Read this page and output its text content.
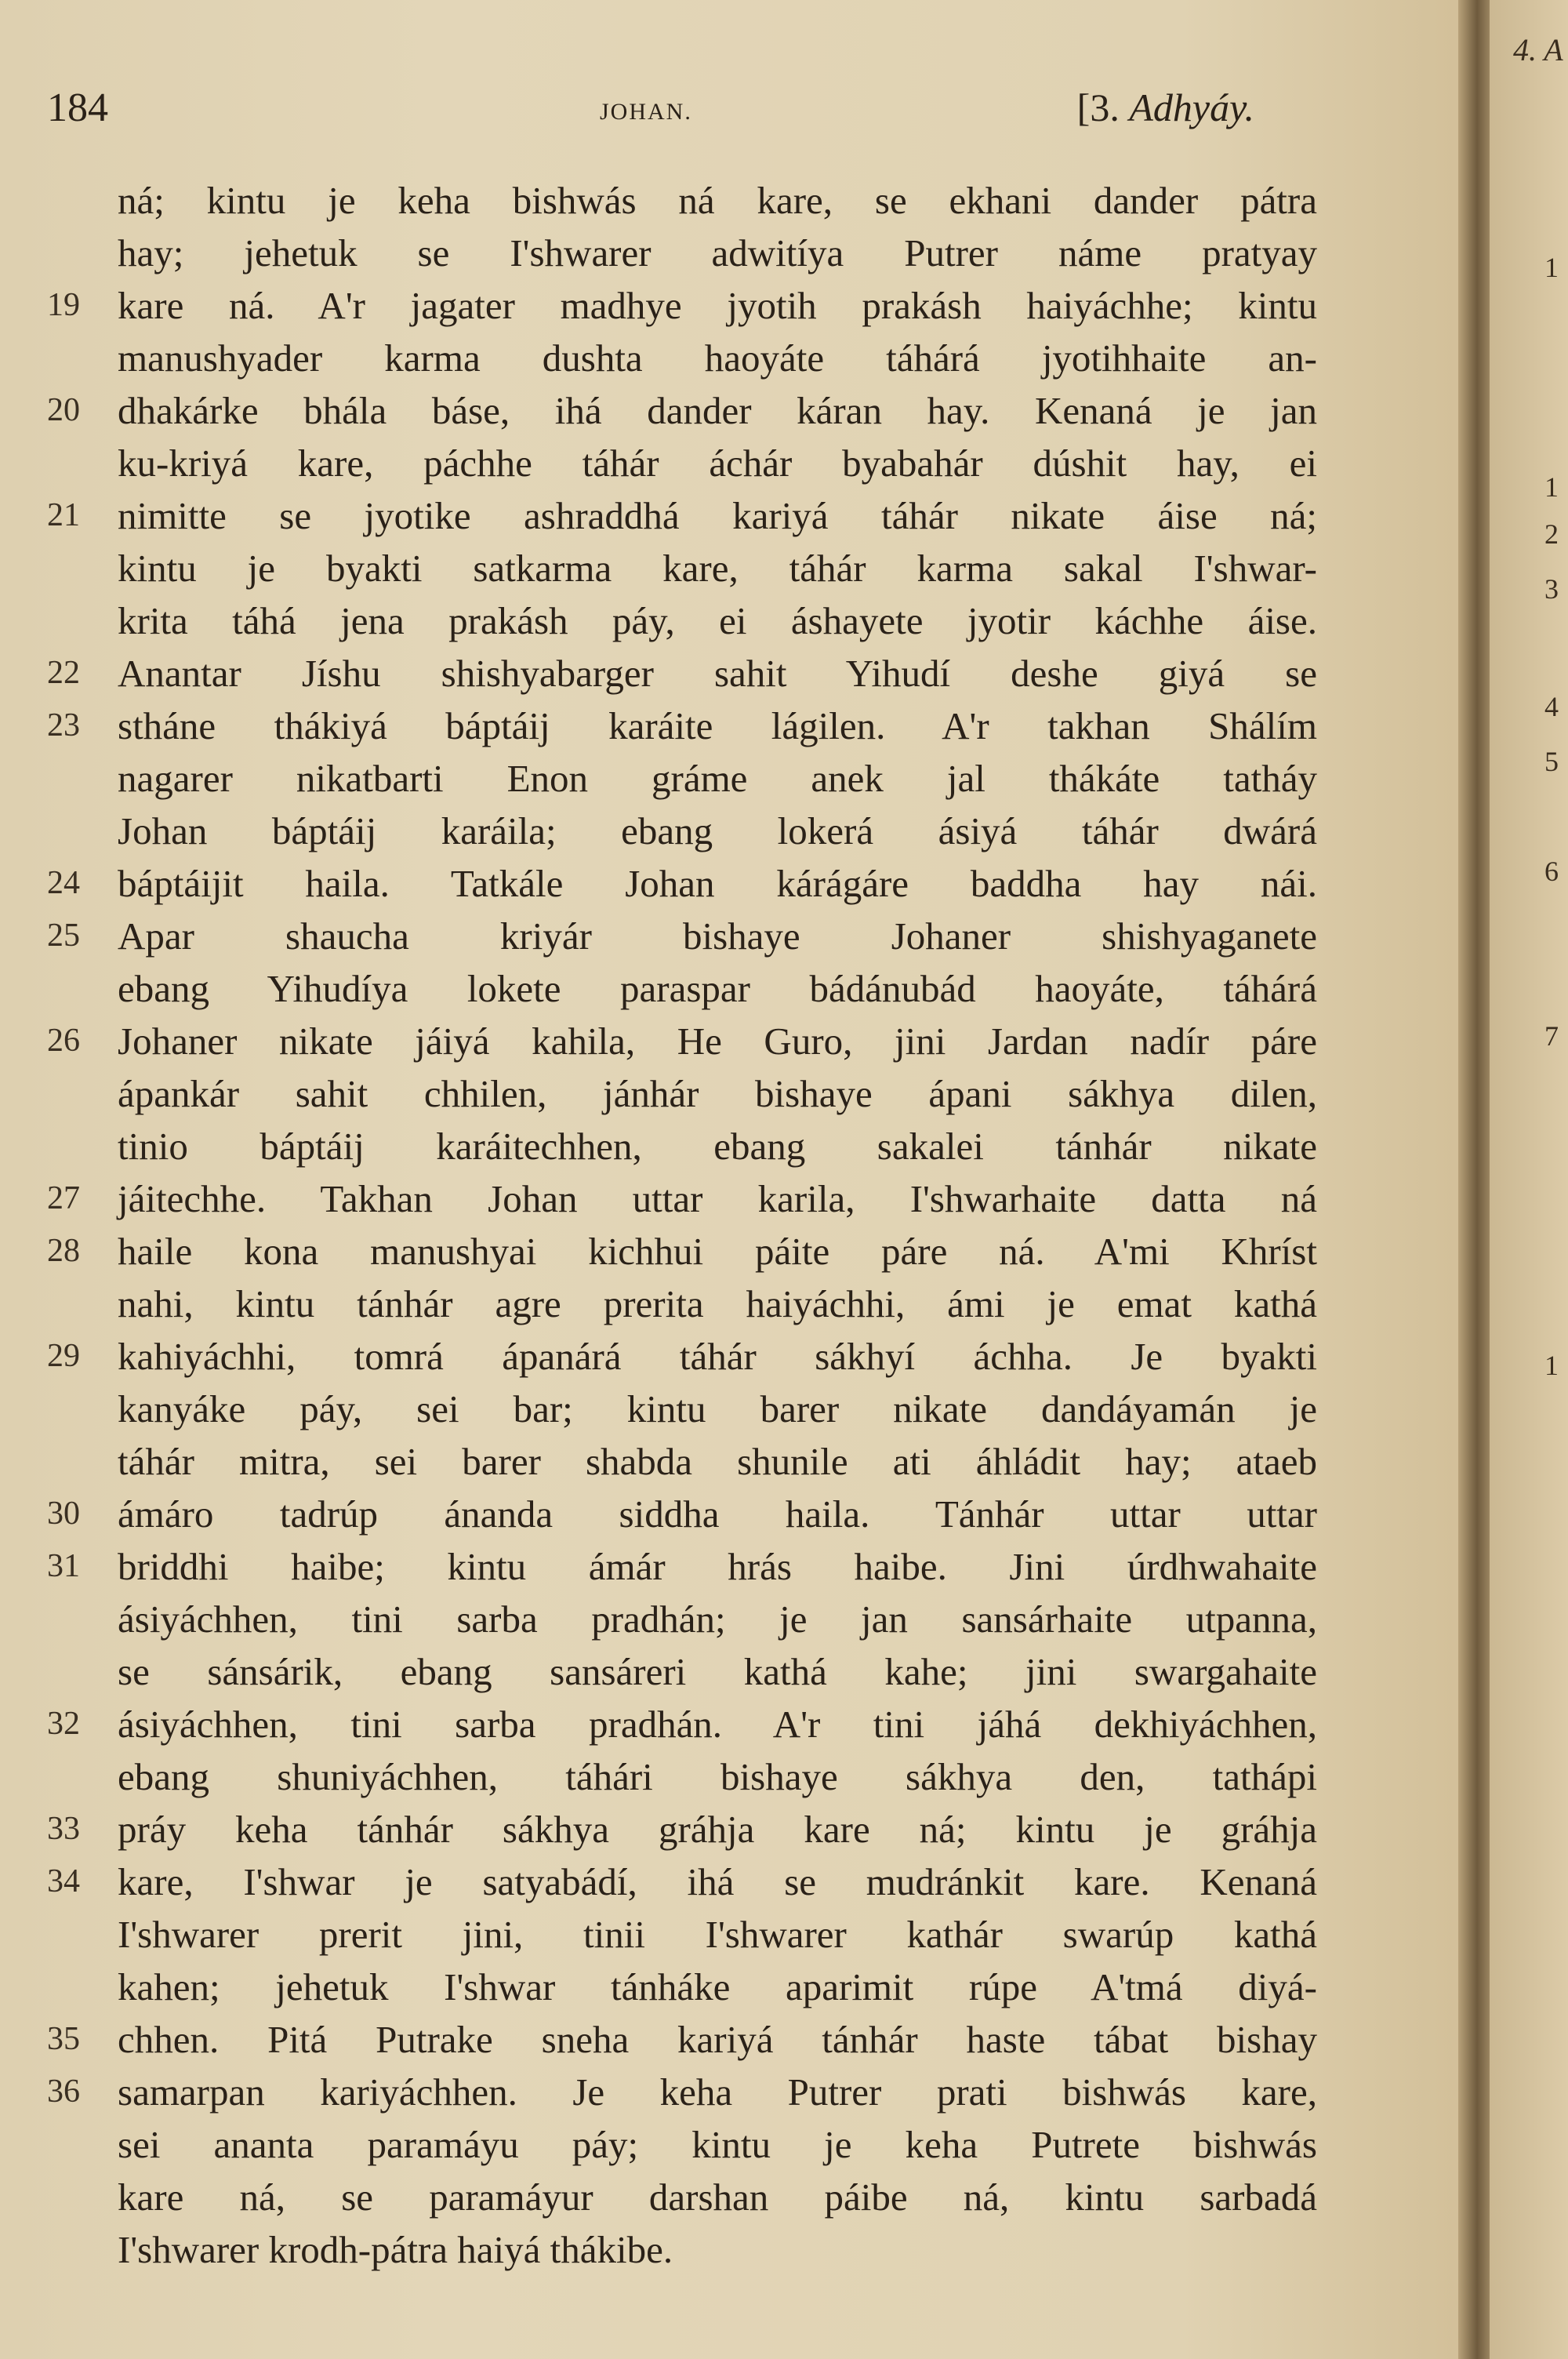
184	JOHAN.	[3. Adhyáy.
ná; kintu je keha bishwás ná kare, se ekhani dander pátra
hay; jehetuk se I'shwarer adwitíya Putrer náme pratyay
19 kare ná. A'r jagater madhye jyotih prakásh haiyáchhe; kintu
manushyader karma dushta haoyáte táhárá jyotihhaite an-
20 dhakárke bhála báse, ihá dander káran hay. Kenaná je jan
ku-kriyá kare, páchhe táhár áchár byabahár dúshit hay, ei
21 nimitte se jyotike ashraddhá kariyá táhár nikate áise ná;
kintu je byakti satkarma kare, táhár karma sakal I'shwar-
krita táhá jena prakásh páy, ei áshayete jyotir káchhe áise.
22 Anantar Jíshu shishyabarger sahit Yihudí deshe giyá se
23 stháne thákiyá báptáij karáite lágilen. A'r takhan Shálím
nagarer nikatbarti Enon gráme anek jal thákáte tatháy
Johan báptáij karáila; ebang lokerá ásiyá táhár dwárá
24 báptáijit haila. Tatkále Johan kárágáre baddha hay nái.
25 Apar shaucha kriyár bishaye Johaner shishyaganete
ebang Yihudíya lokete paraspar bádánubád haoyáte, táhárá
26 Johaner nikate jáiyá kahila, He Guro, jini Jardan nadír páre
ápankár sahit chhilen, jánhár bishaye ápani sákhya dilen,
tinio báptáij karáitechhen, ebang sakalei tánhár nikate
27 jáitechhe. Takhan Johan uttar karila, I'shwarhaite datta ná
28 haile kona manushyai kichhui páite páre ná. A'mi Khríst
nahi, kintu tánhár agre prerita haiyáchhi, ámi je emat kathá
29 kahiyáchhi, tomrá ápanárá táhár sákhyí áchha. Je byakti
kanyáke páy, sei bar; kintu barer nikate dandáyamán je
táhár mitra, sei barer shabda shunile ati áhládit hay; ataeb
30 ámáro tadrúp ánanda siddha haila. Tánhár uttar uttar
31 briddhi haibe; kintu ámár hrás haibe. Jini úrdhwahaite
ásiyáchhen, tini sarba pradhán; je jan sansárhaite utpanna,
se sánsárik, ebang sansáreri kathá kahe; jini swargahaite
32 ásiyáchhen, tini sarba pradhán. A'r tini jáhá dekhiyáchhen,
ebang shuniyáchhen, táhári bishaye sákhya den, tathápi
33 práy keha tánhár sákhya gráhja kare ná; kintu je gráhja
34 kare, I'shwar je satyabádí, ihá se mudránkit kare. Kenaná
I'shwarer prerit jini, tinii I'shwarer kathár swarúp kathá
kahen; jehetuk I'shwar tánháke aparimit rúpe A'tmá diyá-
35 chhen. Pitá Putrake sneha kariyá tánhár haste tábat bishay
36 samarpan kariyáchhen. Je keha Putrer prati bishwás kare,
sei ananta paramáyu páy; kintu je keha Putrete bishwás
kare ná, se paramáyur darshan páibe ná, kintu sarbadá
I'shwarer krodh-pátra haiyá thákibe.
4. A
1
1
2
3
4
5
6
7
1
